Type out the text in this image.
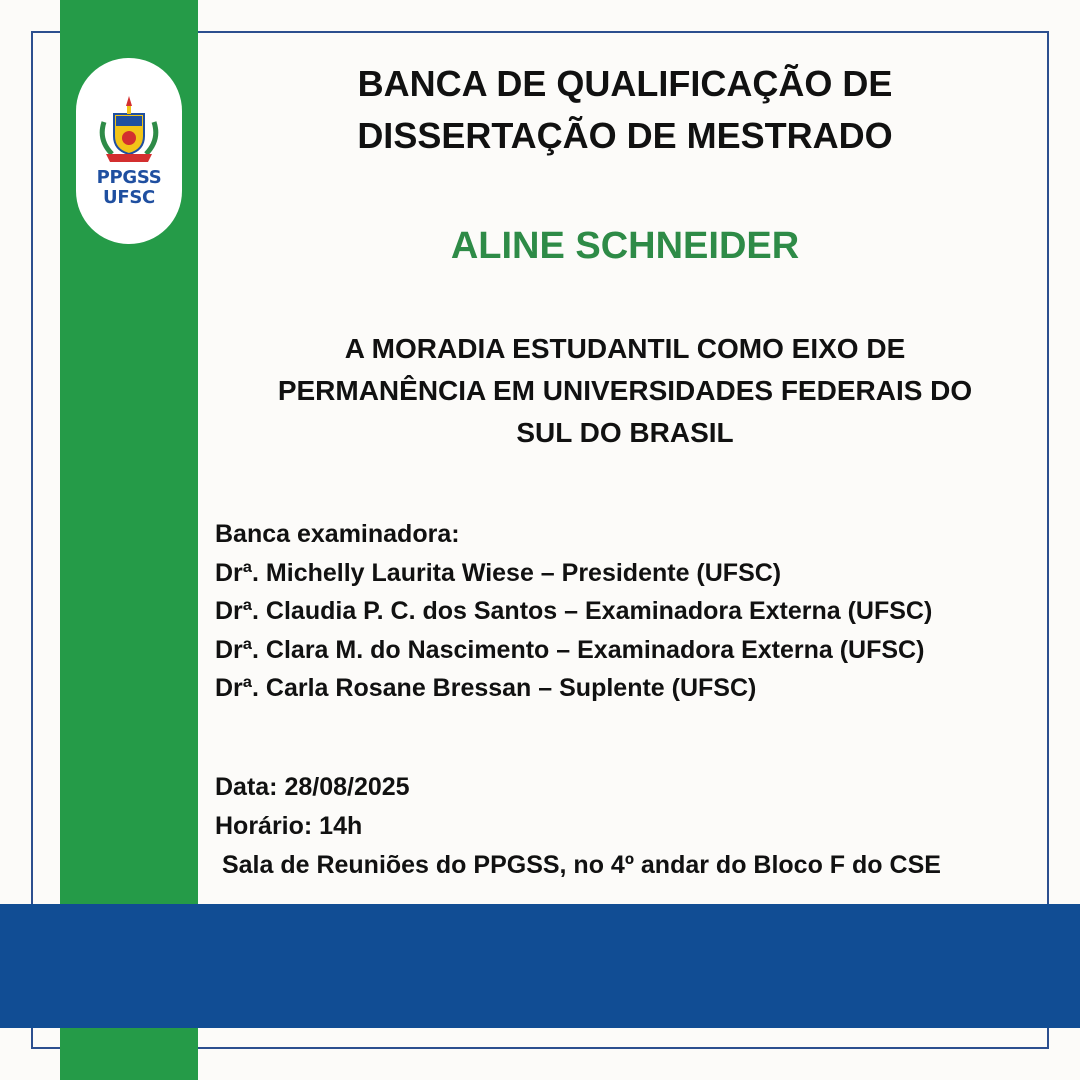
PPGSS
UFSC
BANCA DE QUALIFICAÇÃO DE
DISSERTAÇÃO DE MESTRADO
ALINE SCHNEIDER
A MORADIA ESTUDANTIL COMO EIXO DE
PERMANÊNCIA EM UNIVERSIDADES FEDERAIS DO
SUL DO BRASIL
Banca examinadora:
Drª. Michelly Laurita Wiese – Presidente (UFSC)
Drª. Claudia P. C. dos Santos – Examinadora Externa (UFSC)
Drª. Clara M. do Nascimento – Examinadora Externa (UFSC)
Drª. Carla Rosane Bressan – Suplente (UFSC)
Data: 28/08/2025
Horário: 14h
Sala de Reuniões do PPGSS, no 4º andar do Bloco F do CSE
